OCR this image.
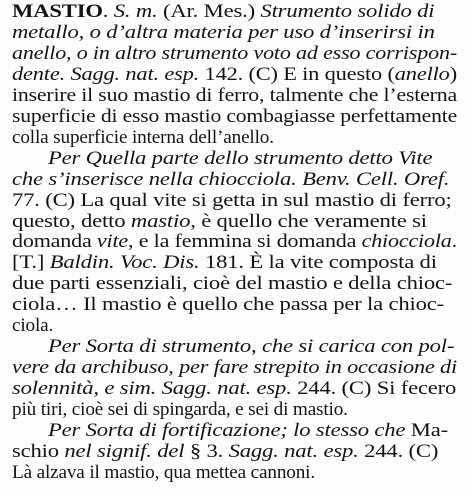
MASTIO. S. m. (Ar. Mes.) Strumento solido di
metallo, o d’altra materia per uso d’inserirsi in
anello, o in altro strumento voto ad esso corrispon-
dente. Sagg. nat. esp. 142. (C) E in questo (anello)
inserire il suo mastio di ferro, talmente che l’esterna
superficie di esso mastio combagiasse perfettamente
colla superficie interna dell’anello.
Per Quella parte dello strumento detto Vite
che s’inserisce nella chiocciola. Benv. Cell. Oref.
77. (C) La qual vite si getta in sul mastio di ferro;
questo, detto mastio, è quello che veramente si
domanda vite, e la femmina si domanda chiocciola.
[T.] Baldin. Voc. Dis. 181. È la vite composta di
due parti essenziali, cioè del mastio e della chioc-
ciola… Il mastio è quello che passa per la chioc-
ciola.
Per Sorta di strumento, che si carica con pol-
vere da archibuso, per fare strepito in occasione di
solennità, e sim. Sagg. nat. esp. 244. (C) Si fecero
più tiri, cioè sei di spingarda, e sei di mastio.
Per Sorta di fortificazione; lo stesso che Ma-
schio nel signif. del § 3. Sagg. nat. esp. 244. (C)
Là alzava il mastio, qua mettea cannoni.
